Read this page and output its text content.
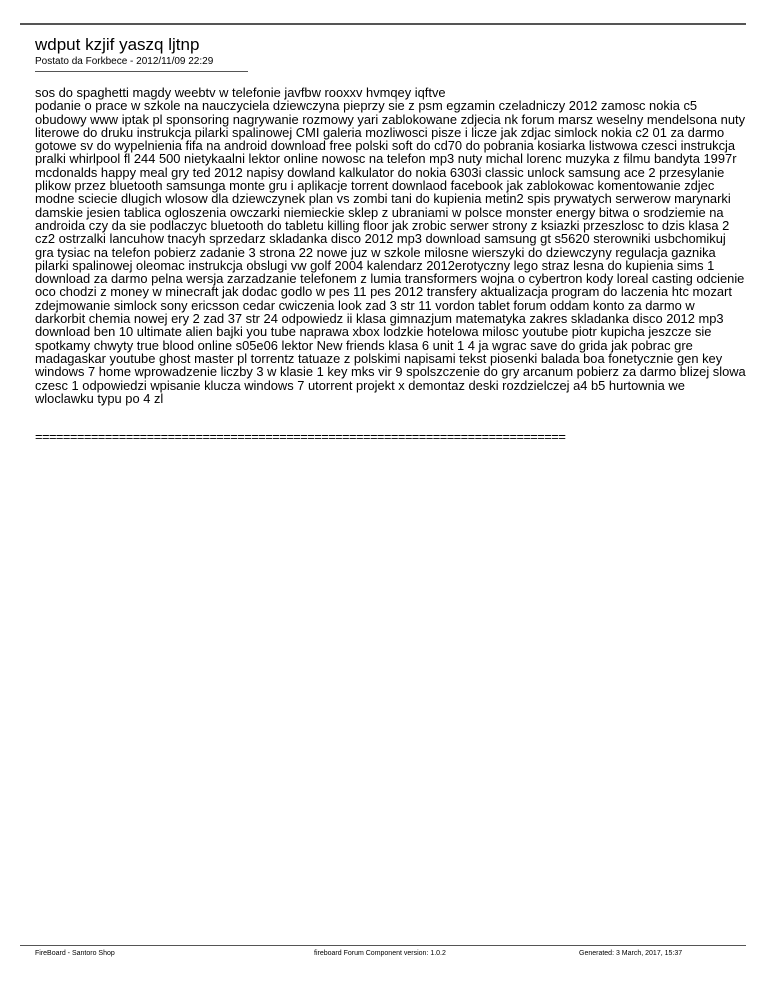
wdput kzjif yaszq ljtnp
Postato da Forkbece - 2012/11/09 22:29

sos do spaghetti magdy weebtv w telefonie javfbw rooxxv hvmqey iqftve

podanie o prace w szkole na nauczyciela dziewczyna pieprzy sie z psm egzamin czeladniczy 2012 zamosc nokia c5 obudowy www iptak pl sponsoring nagrywanie rozmowy yari zablokowane zdjecia nk forum marsz weselny mendelsona nuty literowe do druku instrukcja pilarki spalinowej CMI galeria mozliwosci pisze i licze jak zdjac simlock nokia c2 01 za darmo gotowe sv do wypelnienia fifa na android download free polski soft do cd70 do pobrania kosiarka listwowa czesci instrukcja pralki whirlpool fl 244 500 nietykaalni lektor online nowosc na telefon mp3 nuty michal lorenc muzyka z filmu bandyta 1997r mcdonalds happy meal gry ted 2012 napisy dowland kalkulator do nokia 6303i classic unlock samsung ace 2 przesylanie plikow przez bluetooth samsunga monte gru i aplikacje torrent downlaod facebook jak zablokowac komentowanie zdjec modne sciecie dlugich wlosow dla dziewczynek plan vs zombi tani do kupienia metin2 spis prywatych serwerow marynarki damskie jesien tablica ogloszenia owczarki niemieckie sklep z ubraniami w polsce monster energy bitwa o srodziemie na androida czy da sie podlaczyc bluetooth do tabletu killing floor jak zrobic serwer strony z ksiazki przeszlosc to dzis klasa 2 cz2 ostrzalki lancuhow tnacyh sprzedarz skladanka disco 2012 mp3 download samsung gt s5620 sterowniki usbchomikuj gra tysiac na telefon pobierz zadanie 3 strona 22 nowe juz w szkole milosne wierszyki do dziewczyny regulacja gaznika pilarki spalinowej oleomac instrukcja obslugi vw golf 2004 kalendarz 2012erotyczny lego straz lesna do kupienia sims 1 download za darmo pelna wersja zarzadzanie telefonem z lumia transformers wojna o cybertron kody loreal casting odcienie oco chodzi z money w minecraft jak dodac godlo w pes 11 pes 2012 transfery aktualizacja program do laczenia htc mozart zdejmowanie simlock sony ericsson cedar cwiczenia look zad 3 str 11 vordon tablet forum oddam konto za darmo w darkorbit chemia nowej ery 2 zad 37 str 24 odpowiedz ii klasa gimnazjum matematyka zakres skladanka disco 2012 mp3 download ben 10 ultimate alien bajki you tube naprawa xbox lodzkie hotelowa milosc youtube piotr kupicha jeszcze sie spotkamy chwyty true blood online s05e06 lektor New friends klasa 6 unit 1 4 ja wgrac save do grida jak pobrac gre madagaskar youtube ghost master pl torrentz tatuaze z polskimi napisami tekst piosenki balada boa fonetycznie gen key windows 7 home wprowadzenie liczby 3 w klasie 1 key mks vir 9 spolszczenie do gry arcanum pobierz za darmo blizej slowa czesc 1 odpowiedzi wpisanie klucza windows 7 utorrent projekt x demontaz deski rozdzielczej a4 b5 hurtownia we wloclawku typu po 4 zl

============================================================================
FireBoard - Santoro Shop	fireboard Forum Component version: 1.0.2	Generated: 3 March, 2017, 15:37
